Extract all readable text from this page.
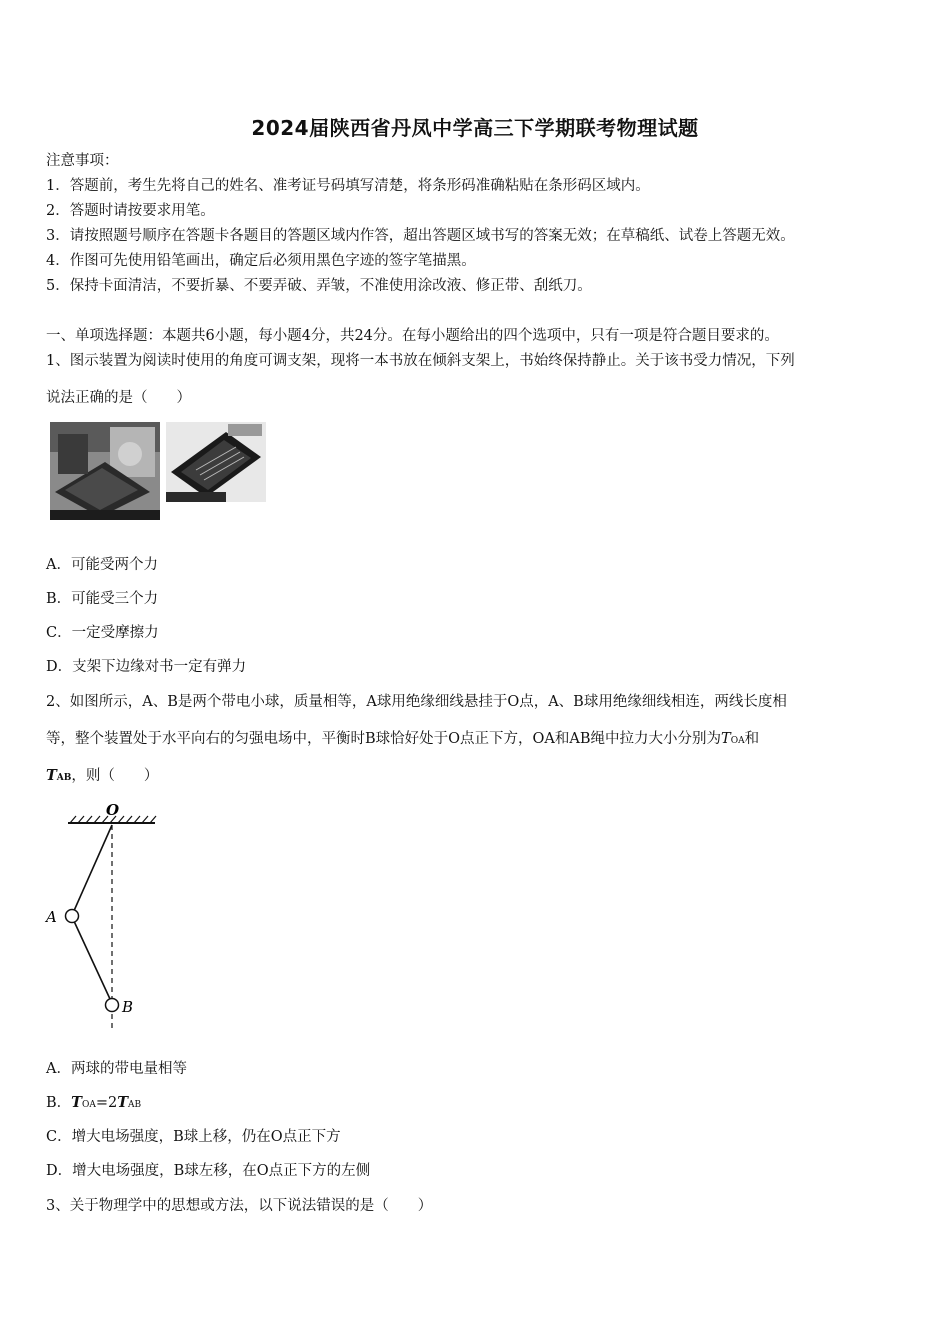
2024届陕西省丹凤中学高三下学期联考物理试题
注意事项：
1．答题前，考生先将自己的姓名、准考证号码填写清楚，将条形码准确粘贴在条形码区域内。
2．答题时请按要求用笔。
3．请按照题号顺序在答题卡各题目的答题区域内作答，超出答题区域书写的答案无效；在草稿纸、试卷上答题无效。
4．作图可先使用铅笔画出，确定后必须用黑色字迹的签字笔描黑。
5．保持卡面清洁，不要折暴、不要弄破、弄皱，不准使用涂改液、修正带、刮纸刀。
一、单项选择题：本题共6小题，每小题4分，共24分。在每小题给出的四个选项中，只有一项是符合题目要求的。
1、图示装置为阅读时使用的角度可调支架，现将一本书放在倾斜支架上，书始终保持静止。关于该书受力情况，下列
说法正确的是（　　）
A．可能受两个力
B．可能受三个力
C．一定受摩擦力
D．支架下边缘对书一定有弹力
2、如图所示，A、B是两个带电小球，质量相等，A球用绝缘细线悬挂于O点，A、B球用绝缘细线相连，两线长度相
等，整个装置处于水平向右的匀强电场中，平衡时B球恰好处于O点正下方，OA和AB绳中拉力大小分别为TOA和
TAB，则（　　）
O
A
B
A．两球的带电量相等
B．TOA=2TAB
C．增大电场强度，B球上移，仍在O点正下方
D．增大电场强度，B球左移，在O点正下方的左侧
3、关于物理学中的思想或方法，以下说法错误的是（　　）
